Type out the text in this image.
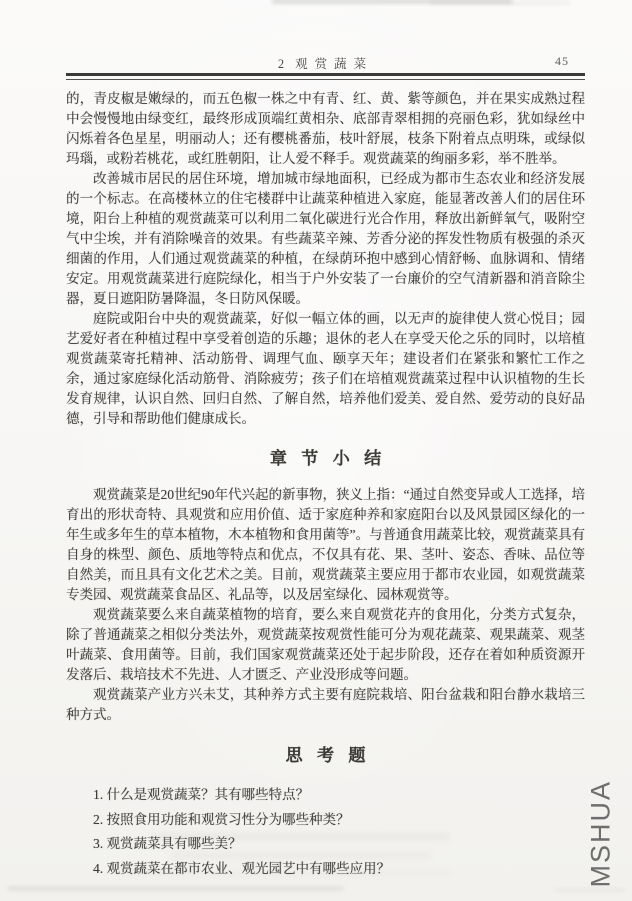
2 观赏蔬菜	45

的，青皮椒是嫩绿的，而五色椒一株之中有青、红、黄、紫等颜色，并在果实成熟过程中会慢慢地由绿变红，最终形成顶端红黄相杂、底部青翠相拥的亮丽色彩，犹如绿丝中闪烁着各色星星，明丽动人；还有樱桃番茄，枝叶舒展，枝条下附着点点明珠，或绿似玛瑙，或粉若桃花，或红胜朝阳，让人爱不释手。观赏蔬菜的绚丽多彩，举不胜举。

改善城市居民的居住环境，增加城市绿地面积，已经成为都市生态农业和经济发展的一个标志。在高楼林立的住宅楼群中让蔬菜种植进入家庭，能显著改善人们的居住环境，阳台上种植的观赏蔬菜可以利用二氧化碳进行光合作用，释放出新鲜氧气，吸附空气中尘埃，并有消除噪音的效果。有些蔬菜辛辣、芳香分泌的挥发性物质有极强的杀灭细菌的作用，人们通过观赏蔬菜的种植，在绿荫环抱中感到心情舒畅、血脉调和、情绪安定。用观赏蔬菜进行庭院绿化，相当于户外安装了一台廉价的空气清新器和消音除尘器，夏日遮阳防暑降温，冬日防风保暖。

庭院或阳台中央的观赏蔬菜，好似一幅立体的画，以无声的旋律使人赏心悦目；园艺爱好者在种植过程中享受着创造的乐趣；退休的老人在享受天伦之乐的同时，以培植观赏蔬菜寄托精神、活动筋骨、调理气血、颐享天年；建设者们在紧张和繁忙工作之余，通过家庭绿化活动筋骨、消除疲劳；孩子们在培植观赏蔬菜过程中认识植物的生长发育规律，认识自然、回归自然、了解自然，培养他们爱美、爱自然、爱劳动的良好品德，引导和帮助他们健康成长。

章节小结

观赏蔬菜是20世纪90年代兴起的新事物，狭义上指：“通过自然变异或人工选择，培育出的形状奇特、具观赏和应用价值、适于家庭种养和家庭阳台以及风景园区绿化的一年生或多年生的草本植物，木本植物和食用菌等”。与普通食用蔬菜比较，观赏蔬菜具有自身的株型、颜色、质地等特点和优点，不仅具有花、果、茎叶、姿态、香味、品位等自然美，而且具有文化艺术之美。目前，观赏蔬菜主要应用于都市农业园，如观赏蔬菜专类园、观赏蔬菜食品区、礼品等，以及居室绿化、园林观赏等。

观赏蔬菜要么来自蔬菜植物的培育，要么来自观赏花卉的食用化，分类方式复杂，除了普通蔬菜之相似分类法外，观赏蔬菜按观赏性能可分为观花蔬菜、观果蔬菜、观茎叶蔬菜、食用菌等。目前，我们国家观赏蔬菜还处于起步阶段，还存在着如种质资源开发落后、栽培技术不先进、人才匮乏、产业没形成等问题。

观赏蔬菜产业方兴未艾，其种养方式主要有庭院栽培、阳台盆栽和阳台静水栽培三种方式。

思考题
1. 什么是观赏蔬菜？其有哪些特点？
2. 按照食用功能和观赏习性分为哪些种类？
3. 观赏蔬菜具有哪些美？
4. 观赏蔬菜在都市农业、观光园艺中有哪些应用？	MSHUA
